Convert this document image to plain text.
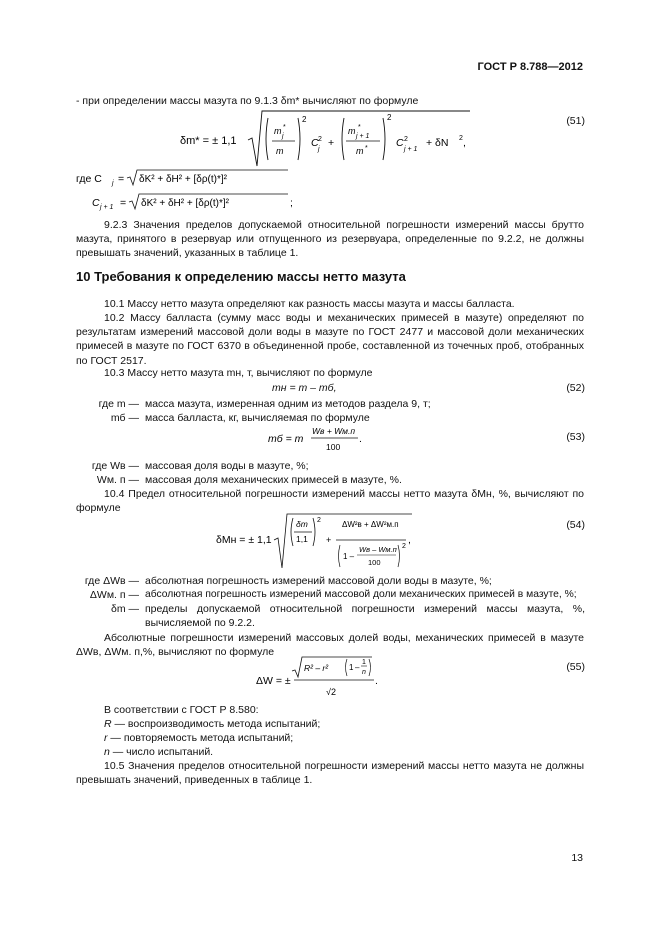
ГОСТ Р 8.788—2012
- при определении массы мазута по 9.1.3 δm* вычисляют по формуле
δm* = ± 1,1
m *
j
m
2
C 2
j
+
m *
j + 1
m *
2
C 2
j + 1
+ δN 2 ,
(51)
где C j = δK² + δH² + [δρ(t)*]²
C j + 1 = δK² + δH² + [δρ(t)*]²	;
9.2.3 Значения пределов допускаемой относительной погрешности измерений массы брутто мазута, принятого в резервуар или отпущенного из резервуара, определенные по 9.2.2, не должны превышать значений, указанных в таблице 1.
10 Требования к определению массы нетто мазута
10.1 Массу нетто мазута определяют как разность массы мазута и массы балласта.
10.2 Массу балласта (сумму масс воды и механических примесей в мазуте) определяют по результатам измерений массовой доли воды в мазуте по ГОСТ 2477 и массовой доли механических примесей в мазуте по ГОСТ 6370 в объединенной пробе, составленной из точечных проб, отобранных по ГОСТ 2517.
10.3 Массу нетто мазута mн, т, вычисляют по формуле
mн = m – mб,	(52)
где m — масса мазута, измеренная одним из методов раздела 9, т;
mб — масса балласта, кг, вычисляемая по формуле
mб = m
Wв + Wм.п
100
.	(53)
где Wв — массовая доля воды в мазуте, %;
Wм. п — массовая доля механических примесей в мазуте, %.
10.4 Предел относительной погрешности измерений массы нетто мазута δMн, %, вычисляют по формуле
δMн = ± 1,1
δm
1,1
2
+
ΔW²в + ΔW²м.п
1 –
Wв – Wм.п
100
2
,
(54)
где ΔWв — абсолютная погрешность измерений массовой доли воды в мазуте, %;
ΔWм. п — абсолютная погрешность измерений массовой доли механических примесей в мазуте, %;
δm — пределы допускаемой относительной погрешности измерений массы мазута, %, вычисляемой по 9.2.2.
Абсолютные погрешности измерений массовых долей воды, механических примесей в мазуте ΔWв, ΔWм. п,%, вычисляют по формуле
ΔW = ±
R² – r²	1 –
1
n
√2
.
(55)
В соответствии с ГОСТ Р 8.580:
R — воспроизводимость метода испытаний;
r — повторяемость метода испытаний;
n — число испытаний.
10.5 Значения пределов относительной погрешности измерений массы нетто мазута не должны превышать значений, приведенных в таблице 1.
13
